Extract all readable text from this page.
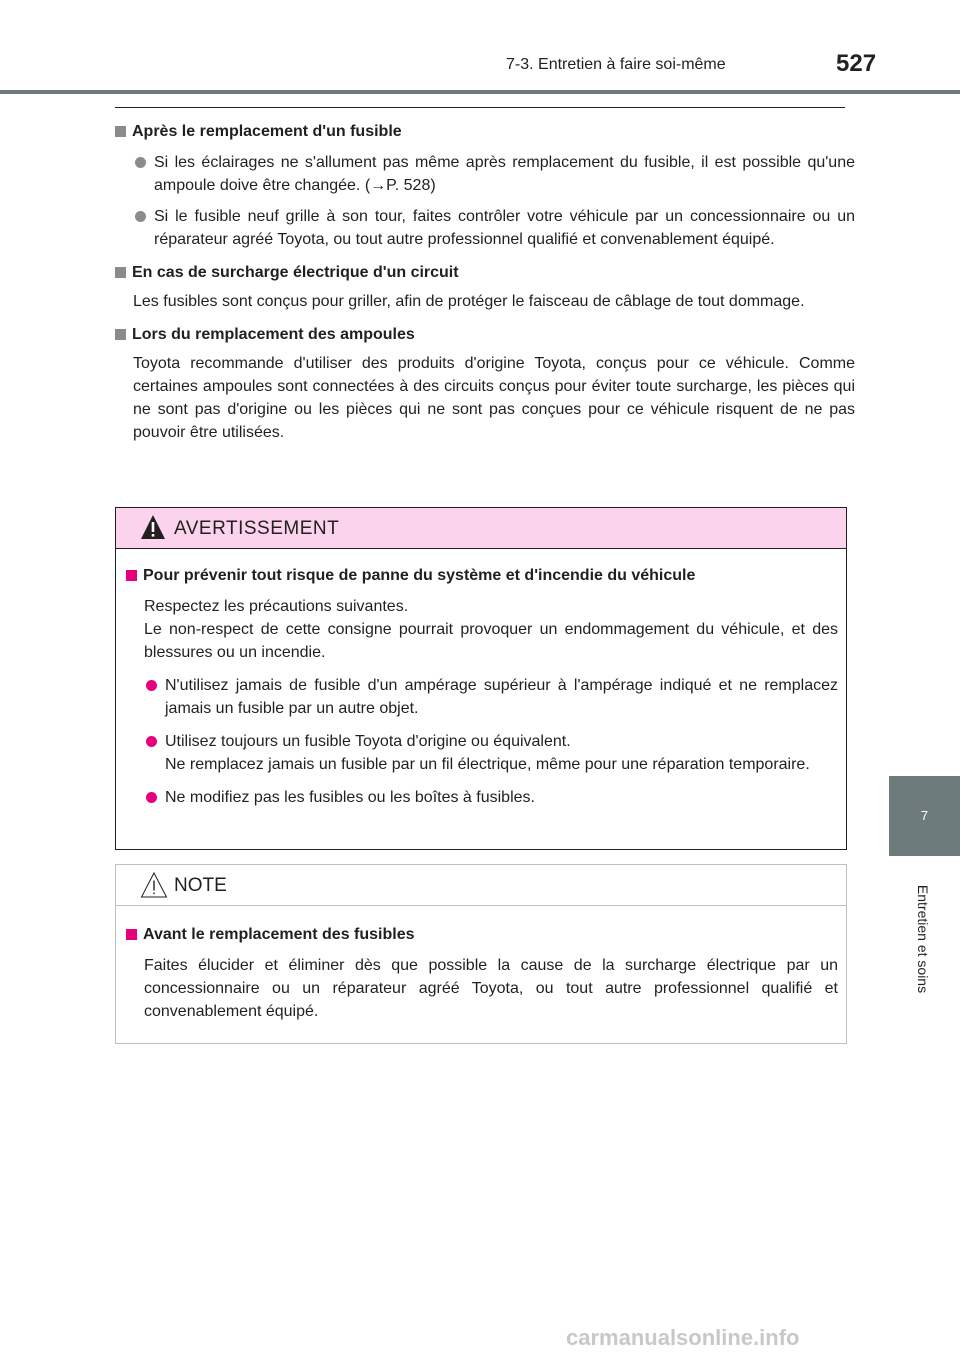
7-3. Entretien à faire soi-même	527
7
Entretien et soins

Après le remplacement d'un fusible

Si les éclairages ne s'allument pas même après remplacement du fusible, il est possible qu'une ampoule doive être changée. (→P. 528)
Si le fusible neuf grille à son tour, faites contrôler votre véhicule par un concessionnaire ou un réparateur agréé Toyota, ou tout autre professionnel qualifié et convenablement équipé.

En cas de surcharge électrique d'un circuit

Les fusibles sont conçus pour griller, afin de protéger le faisceau de câblage de tout dommage.

Lors du remplacement des ampoules

Toyota recommande d'utiliser des produits d'origine Toyota, conçus pour ce véhicule. Comme certaines ampoules sont connectées à des circuits conçus pour éviter toute surcharge, les pièces qui ne sont pas d'origine ou les pièces qui ne sont pas conçues pour ce véhicule risquent de ne pas pouvoir être utilisées.
AVERTISSEMENT

Pour prévenir tout risque de panne du système et d'incendie du véhicule

Respectez les précautions suivantes.
Le non-respect de cette consigne pourrait provoquer un endommagement du véhicule, et des blessures ou un incendie.
N'utilisez jamais de fusible d'un ampérage supérieur à l'ampérage indiqué et ne remplacez jamais un fusible par un autre objet.
Utilisez toujours un fusible Toyota d'origine ou équivalent.
Ne remplacez jamais un fusible par un fil électrique, même pour une réparation temporaire.
Ne modifiez pas les fusibles ou les boîtes à fusibles.
NOTE

Avant le remplacement des fusibles

Faites élucider et éliminer dès que possible la cause de la surcharge électrique par un concessionnaire ou un réparateur agréé Toyota, ou tout autre professionnel qualifié et convenablement équipé.
carmanualsonline.info
